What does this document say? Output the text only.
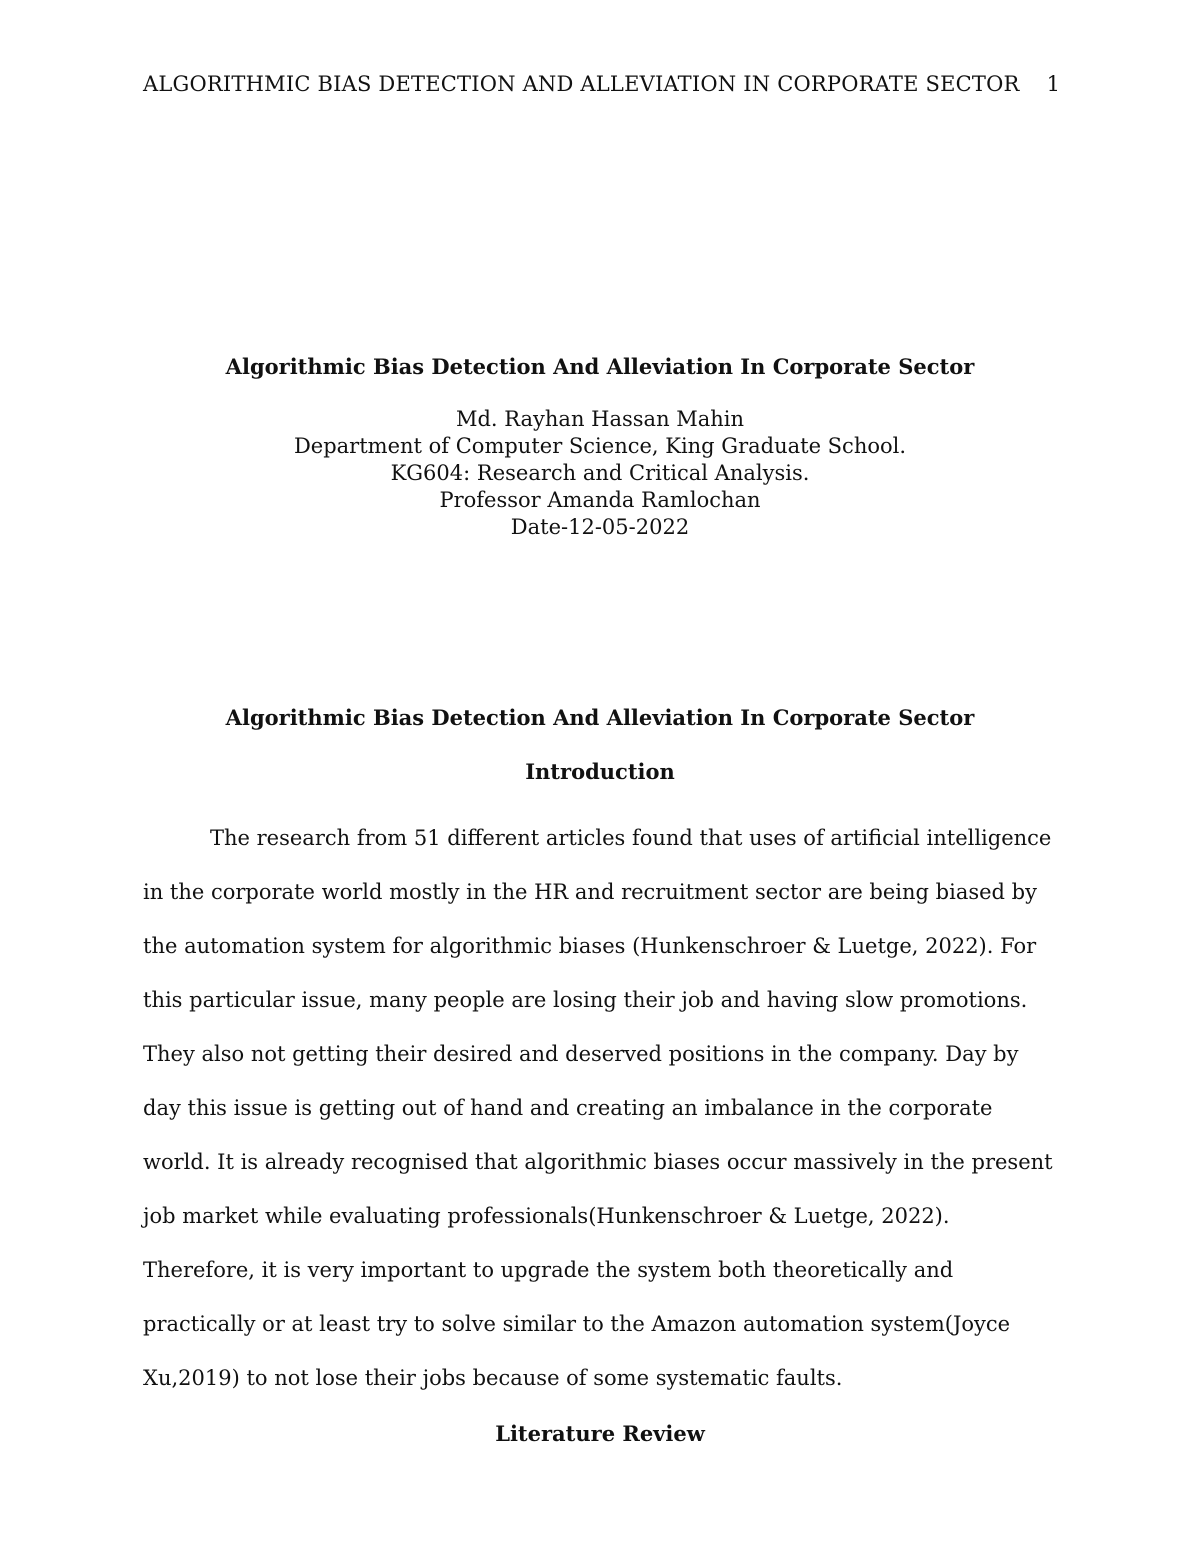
ALGORITHMIC BIAS DETECTION AND ALLEVIATION IN CORPORATE SECTOR 1

Algorithmic Bias Detection And Alleviation In Corporate Sector

Md. Rayhan Hassan Mahin

Department of Computer Science, King Graduate School.

KG604: Research and Critical Analysis.

Professor Amanda Ramlochan

Date-12-05-2022

Algorithmic Bias Detection And Alleviation In Corporate Sector

Introduction

The research from 51 different articles found that uses of artificial intelligence in the corporate world mostly in the HR and recruitment sector are being biased by the automation system for algorithmic biases (Hunkenschroer & Luetge, 2022). For this particular issue, many people are losing their job and having slow promotions. They also not getting their desired and deserved positions in the company. Day by day this issue is getting out of hand and creating an imbalance in the corporate world. It is already recognised that algorithmic biases occur massively in the present job market while evaluating professionals(Hunkenschroer & Luetge, 2022). Therefore, it is very important to upgrade the system both theoretically and practically or at least try to solve similar to the Amazon automation system(Joyce Xu,2019) to not lose their jobs because of some systematic faults.

Literature Review
